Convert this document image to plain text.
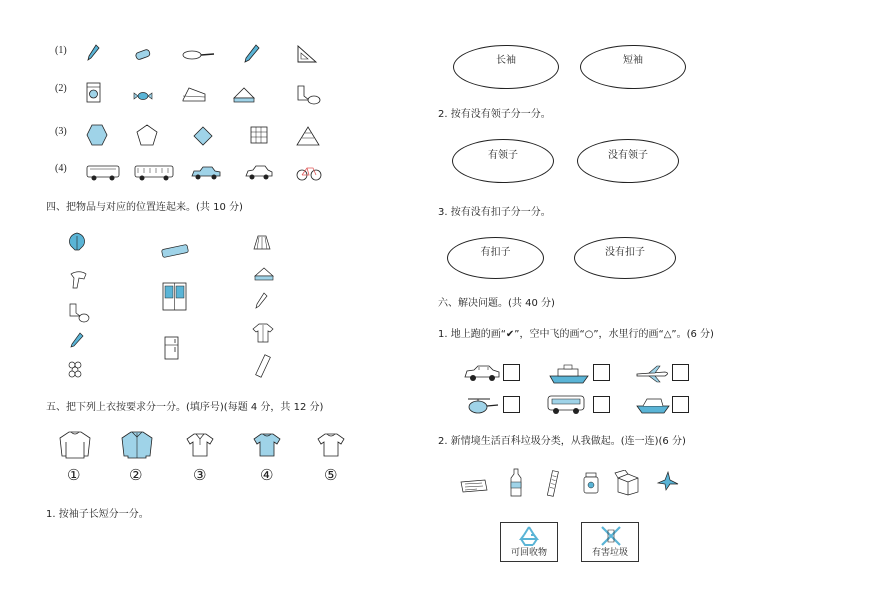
(1)
(2)
(3)
(4)
四、把物品与对应的位置连起来。(共 10 分)
五、把下列上衣按要求分一分。(填序号)(每题 4 分，共 12 分)
①	②	③	④	⑤
1. 按袖子长短分一分。
长袖	短袖
2. 按有没有领子分一分。
有领子	没有领子
3. 按有没有扣子分一分。
有扣子	没有扣子
六、解决问题。(共 40 分)
1. 地上跑的画“✔”，空中飞的画“○”，水里行的画“△”。(6 分)
2. 新情境生活百科垃圾分类，从我做起。(连一连)(6 分)
可回收物	有害垃圾
